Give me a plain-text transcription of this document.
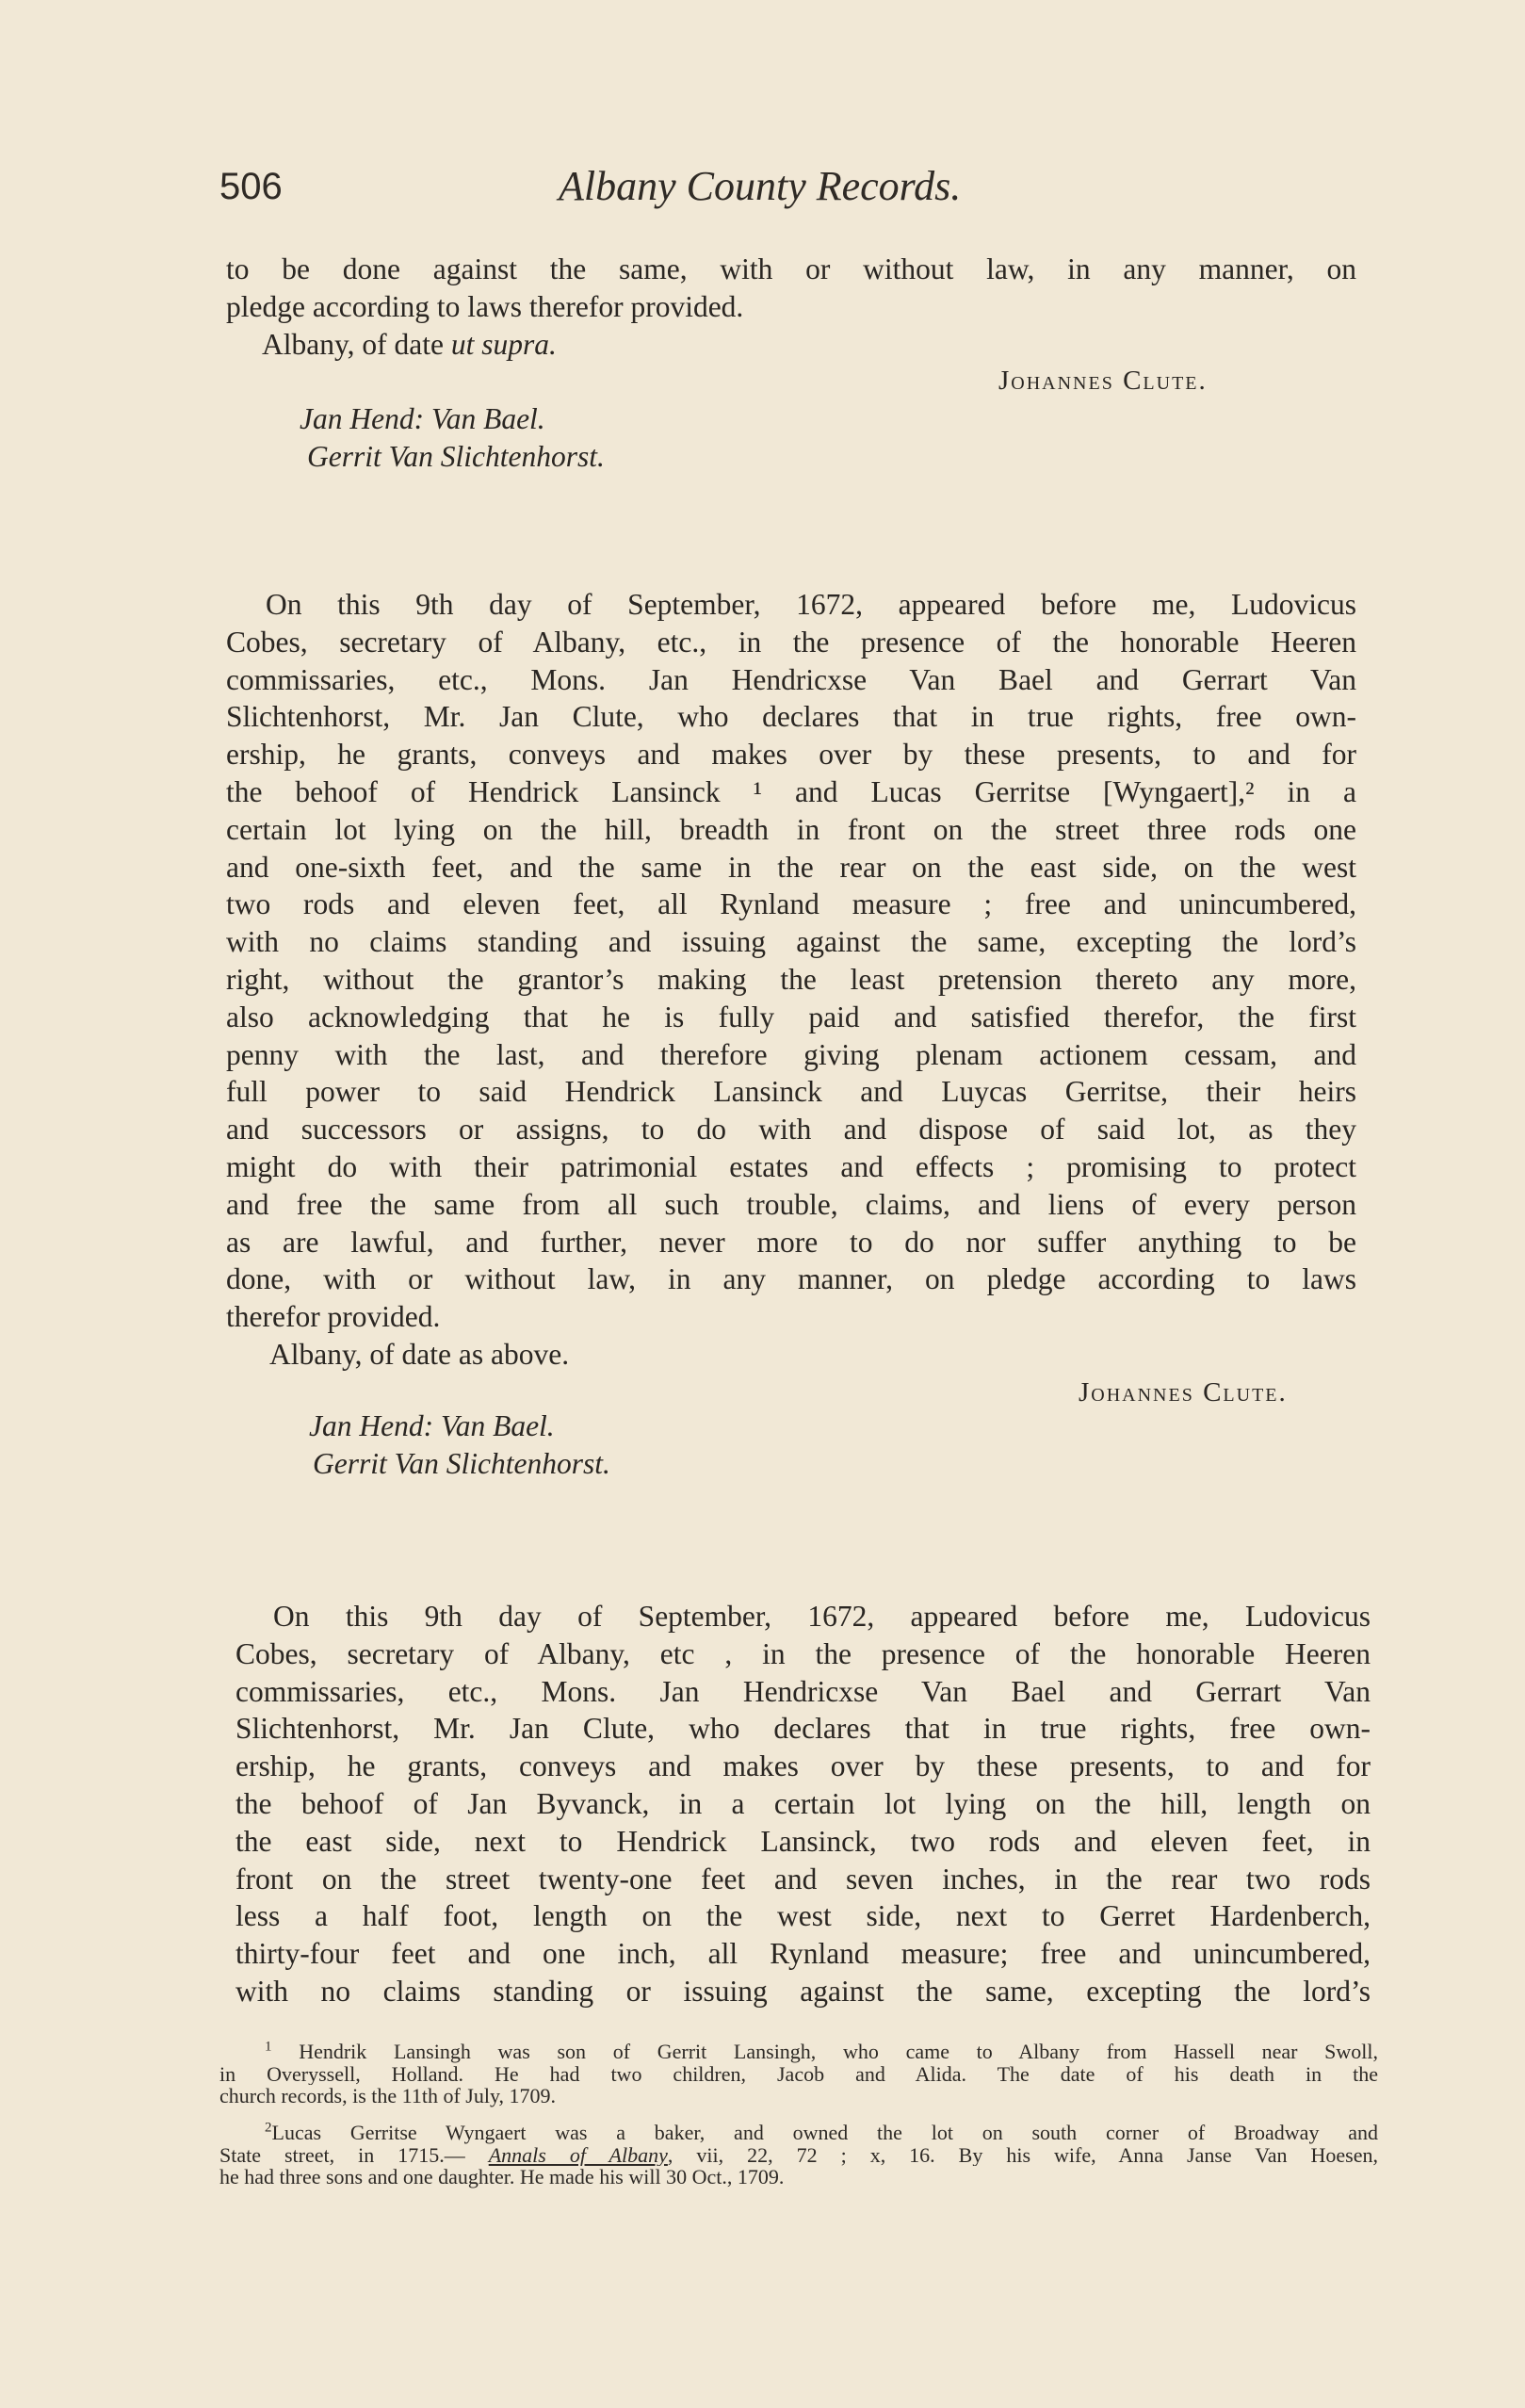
506	Albany County Records.
to be done against the same, with or without law, in any manner, on
pledge according to laws therefor provided.
Albany, of date ut supra.
Johannes Clute.
Jan Hend: Van Bael.
Gerrit Van Slichtenhorst.
On this 9th day of September, 1672, appeared before me, Ludovicus
Cobes, secretary of Albany, etc., in the presence of the honorable Heeren
commissaries, etc., Mons. Jan Hendricxse Van Bael and Gerrart Van
Slichtenhorst, Mr. Jan Clute, who declares that in true rights, free own-
ership, he grants, conveys and makes over by these presents, to and for
the behoof of Hendrick Lansinck ¹ and Lucas Gerritse [Wyngaert],² in a
certain lot lying on the hill, breadth in front on the street three rods one
and one-sixth feet, and the same in the rear on the east side, on the west
two rods and eleven feet, all Rynland measure ; free and unincumbered,
with no claims standing and issuing against the same, excepting the lord’s
right, without the grantor’s making the least pretension thereto any more,
also acknowledging that he is fully paid and satisfied therefor, the first
penny with the last, and therefore giving plenam actionem cessam, and
full power to said Hendrick Lansinck and Luycas Gerritse, their heirs
and successors or assigns, to do with and dispose of said lot, as they
might do with their patrimonial estates and effects ; promising to protect
and free the same from all such trouble, claims, and liens of every person
as are lawful, and further, never more to do nor suffer anything to be
done, with or without law, in any manner, on pledge according to laws
therefor provided.
Albany, of date as above.
Johannes Clute.
Jan Hend: Van Bael.
Gerrit Van Slichtenhorst.
On this 9th day of September, 1672, appeared before me, Ludovicus
Cobes, secretary of Albany, etc , in the presence of the honorable Heeren
commissaries, etc., Mons. Jan Hendricxse Van Bael and Gerrart Van
Slichtenhorst, Mr. Jan Clute, who declares that in true rights, free own-
ership, he grants, conveys and makes over by these presents, to and for
the behoof of Jan Byvanck, in a certain lot lying on the hill, length on
the east side, next to Hendrick Lansinck, two rods and eleven feet, in
front on the street twenty-one feet and seven inches, in the rear two rods
less a half foot, length on the west side, next to Gerret Hardenberch,
thirty-four feet and one inch, all Rynland measure; free and unincumbered,
with no claims standing or issuing against the same, excepting the lord’s
$^1$ Hendrik Lansingh was son of Gerrit Lansingh, who came to Albany from Hassell near Swoll,
in Overyssell, Holland. He had two children, Jacob and Alida. The date of his death in the
church records, is the 11th of July, 1709.
$^2$Lucas Gerritse Wyngaert was a baker, and owned the lot on south corner of Broadway and
State street, in 1715.— Annals of Albany, vii, 22, 72 ; x, 16. By his wife, Anna Janse Van Hoesen,
he had three sons and one daughter. He made his will 30 Oct., 1709.
